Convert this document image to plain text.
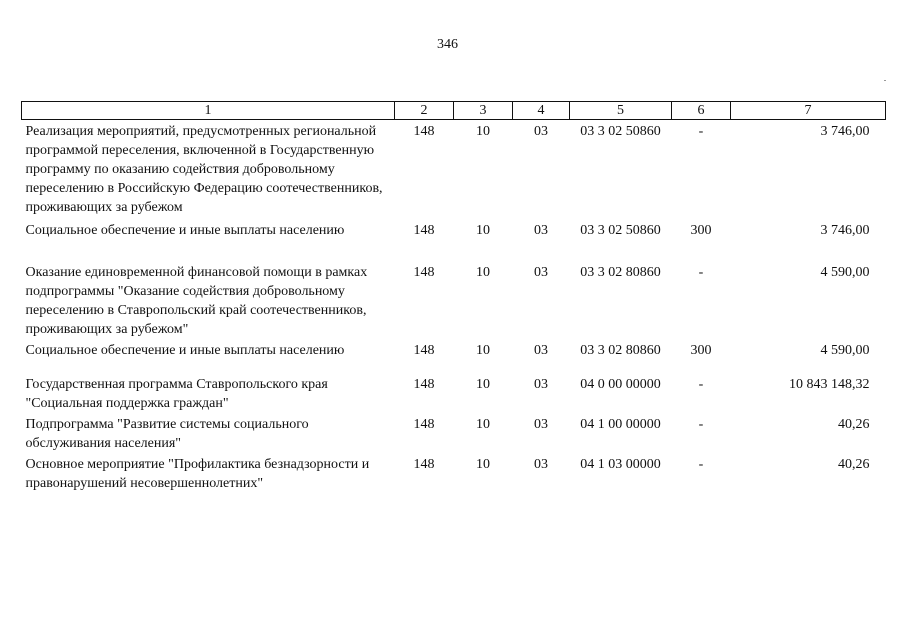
346
1	2	3	4	5	6	7
Реализация мероприятий, предусмотренных региональной программой переселения, включенной в Государственную программу по оказанию содействия добровольному переселению в Российскую Федерацию соотечественников, проживающих за рубежом	148	10	03	03 3 02 50860	-	3 746,00
Социальное обеспечение и иные выплаты населению	148	10	03	03 3 02 50860	300	3 746,00

Оказание единовременной финансовой помощи в рамках подпрограммы "Оказание содействия добровольному переселению в Ставропольский край соотечественников, проживающих за рубежом"	148	10	03	03 3 02 80860	-	4 590,00
Социальное обеспечение и иные выплаты населению	148	10	03	03 3 02 80860	300	4 590,00

Государственная программа Ставропольского края "Социальная поддержка граждан"	148	10	03	04 0 00 00000	-	10 843 148,32
Подпрограмма "Развитие системы социального обслуживания населения"	148	10	03	04 1 00 00000	-	40,26
Основное мероприятие "Профилактика безнадзорности и правонарушений несовершеннолетних"	148	10	03	04 1 03 00000	-	40,26
